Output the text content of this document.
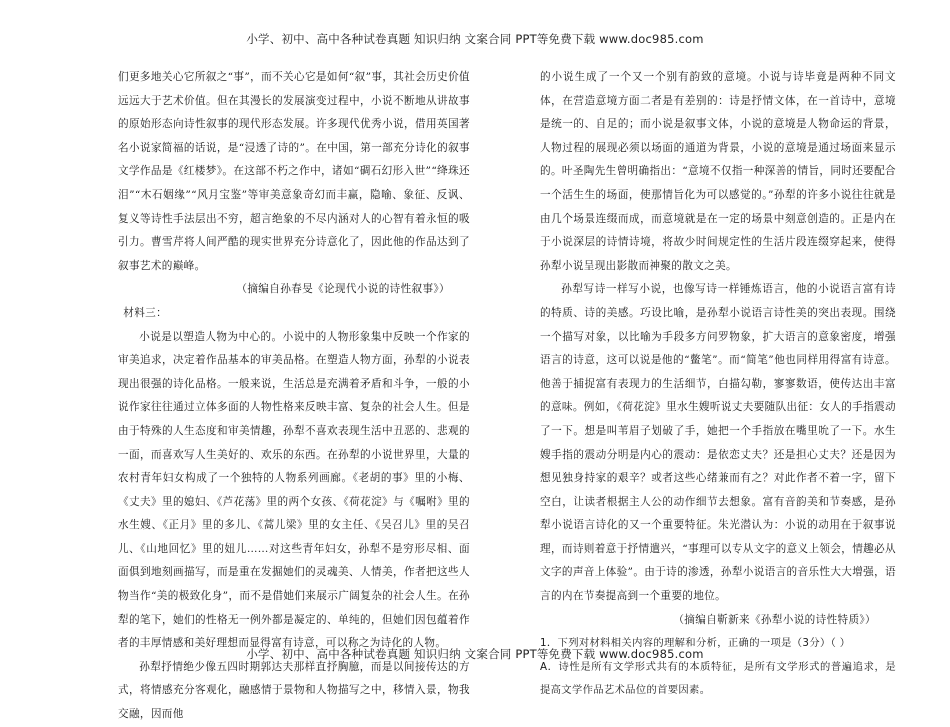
小学、初中、高中各种试卷真题 知识归纳 文案合同 PPT等免费下载 www.doc985.com

们更多地关心它所叙之“事”，而不关心它是如何“叙”事，其社会历史价值远远大于艺术价值。但在其漫长的发展演变过程中，小说不断地从讲故事的原始形态向诗性叙事的现代形态发展。许多现代优秀小说，借用英国著名小说家简福的话说，是“浸透了诗的”。在中国，第一部充分诗化的叙事文学作品是《红楼梦》。在这部不朽之作中，诸如“碉石幻形入世”“绛珠还泪”“木石姻缘”“风月宝鉴”等审美意象奇幻而丰赢，隐喻、象征、反讽、复义等诗性手法层出不穷，超言绝象的不尽内涵对人的心智有着永恒的吸引力。曹雪芹将人间严酷的现实世界充分诗意化了，因此他的作品达到了叙事艺术的巅峰。

（摘编自孙春旻《论现代小说的诗性叙事》）

材料三：

小说是以塑造人物为中心的。小说中的人物形象集中反映一个作家的审美追求，决定着作品基本的审美品格。在塑造人物方面，孙犁的小说表现出很强的诗化品格。一般来说，生活总是充满着矛盾和斗争，一般的小说作家往往通过立体多面的人物性格来反映丰富、复杂的社会人生。但是由于特殊的人生态度和审美情趣，孙犁不喜欢表现生活中丑恶的、悲观的一面，而喜欢写人生美好的、欢乐的东西。在孙犁的小说世界里，大量的农村青年妇女构成了一个独特的人物系列画廊。《老胡的事》里的小梅、《丈夫》里的媳妇、《芦花荡》里的两个女孩、《荷花淀》与《嘱咐》里的水生嫂、《正月》里的多儿、《蒿儿梁》里的女主任、《吴召儿》里的吴召儿、《山地回忆》里的妞儿……对这些青年妇女，孙犁不是穷形尽相、面面俱到地刻画描写，而是重在发掘她们的灵魂美、人情美，作者把这些人物当作“美的极致化身”，而不是借她们来展示广阔复杂的社会人生。在孙犁的笔下，她们的性格无一例外都是凝定的、单纯的，但她们因包蕴着作者的丰厚情感和美好理想而显得富有诗意，可以称之为诗化的人物。

孙犁抒情绝少像五四时期郭达夫那样直抒胸臆，而是以间接传达的方式，将情感充分客观化，融感情于景物和人物描写之中，移情入景，物我交融，因而他

的小说生成了一个又一个别有韵致的意境。小说与诗毕竟是两种不同文体，在营造意境方面二者是有差别的：诗是抒情文体，在一首诗中，意境是统一的、自足的；而小说是叙事文体，小说的意境是人物命运的背景，人物过程的展现必须以场面的通道为背景，小说的意境是通过场面来显示的。叶圣陶先生曾明确指出：“意境不仅指一种深善的情旨，同时还要配合一个活生生的场面，使那情旨化为可以感觉的。”孙犁的许多小说往往就是由几个场景连缀而成，而意境就是在一定的场景中刻意创造的。正是内在于小说深层的诗情诗境，将故少时间规定性的生活片段连缀穿起来，使得孙犁小说呈现出影散而神聚的散文之美。

孙犁写诗一样写小说，也像写诗一样锤炼语言，他的小说语言富有诗的特质、诗的美感。巧设比喻，是孙犁小说语言诗性美的突出表现。围绕一个描写对象，以比喻为手段多方问罗物象，扩大语言的意象密度，增强语言的诗意，这可以说是他的“鳖笔”。而“简笔”他也同样用得富有诗意。他善于捕捉富有表现力的生活细节，白描勾勒，寥寥数语，使传达出丰富的意味。例如，《荷花淀》里水生嫂听说丈夫要随队出征：女人的手指震动了一下。想是叫苇眉子划破了手，她把一个手指放在嘴里吮了一下。水生嫂手指的震动分明是内心的震动：是依恋丈夫？还是担心丈夫？还是因为想见独身持家的艰辛？或者这些心绪兼而有之？对此作者不着一字，留下空白，让读者根据主人公的动作细节去想象。富有音韵美和节奏感，是孙犁小说语言诗化的又一个重要特征。朱光潜认为：小说的动用在于叙事说理，而诗则着意于抒情遣兴，“事理可以专从文字的意义上领会，情趣必从文字的声音上体验”。由于诗的渗透，孙犁小说语言的音乐性大大增强，语言的内在节奏提高到一个重要的地位。

（摘编自靳新来《孙犁小说的诗性特质》）

1．下列对材料相关内容的理解和分析，正确的一项是（3分）（ ）

A．诗性是所有文学形式共有的本质特征，是所有文学形式的普遍追求，是提高文学作品艺术品位的首要因素。

小学、初中、高中各种试卷真题 知识归纳 文案合同 PPT等免费下载 www.doc985.com
